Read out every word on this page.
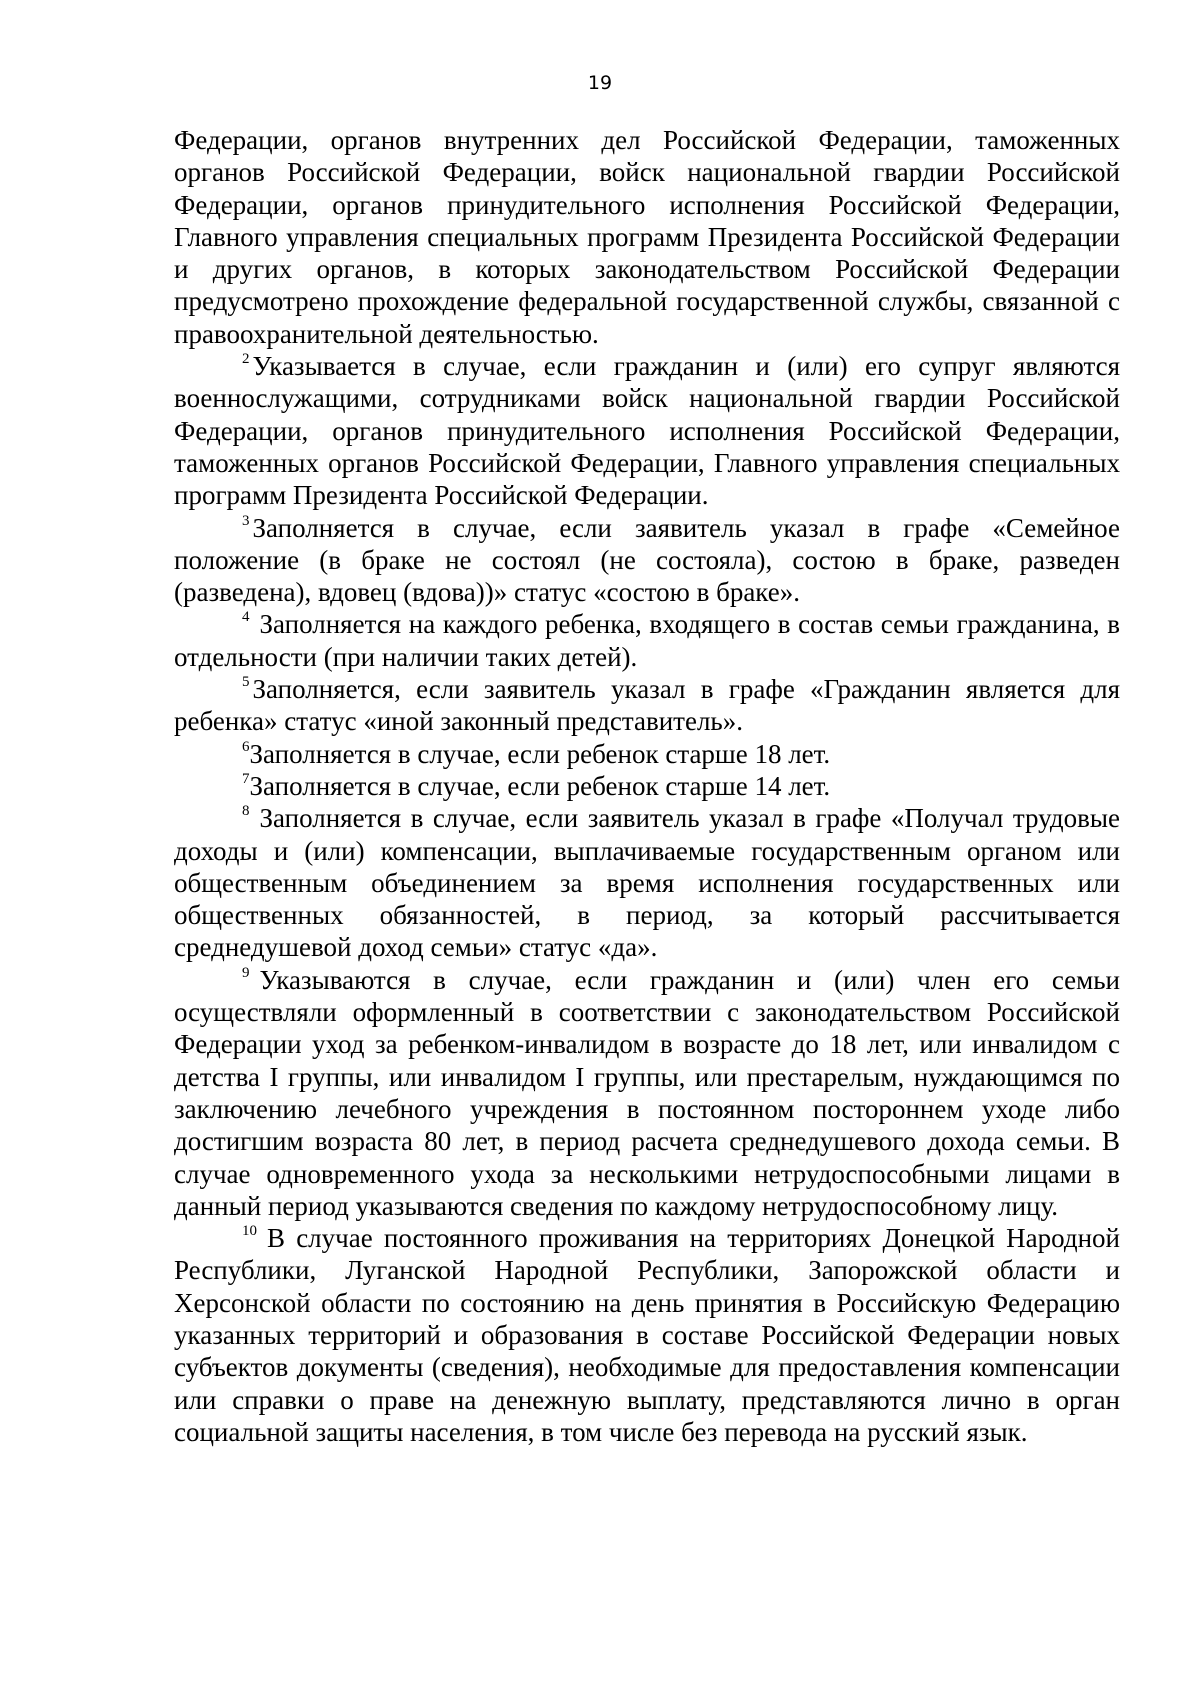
19

Федерации, органов внутренних дел Российской Федерации, таможенных органов Российской Федерации, войск национальной гвардии Российской Федерации, органов принудительного исполнения Российской Федерации, Главного управления специальных программ Президента Российской Федерации и других органов, в которых законодательством Российской Федерации предусмотрено прохождение федеральной государственной службы, связанной с правоохранительной деятельностью.

$^2$ Указывается в случае, если гражданин и (или) его супруг являются военнослужащими, сотрудниками войск национальной гвардии Российской Федерации, органов принудительного исполнения Российской Федерации, таможенных органов Российской Федерации, Главного управления специальных программ Президента Российской Федерации.

$^3$ Заполняется в случае, если заявитель указал в графе «Семейное положение (в браке не состоял (не состояла), состою в браке, разведен (разведена), вдовец (вдова))» статус «состою в браке».

$^4$ Заполняется на каждого ребенка, входящего в состав семьи гражданина, в отдельности (при наличии таких детей).

$^5$ Заполняется, если заявитель указал в графе «Гражданин является для ребенка» статус «иной законный представитель».

$^6$Заполняется в случае, если ребенок старше 18 лет.

$^7$Заполняется в случае, если ребенок старше 14 лет.

$^8$ Заполняется в случае, если заявитель указал в графе «Получал трудовые доходы и (или) компенсации, выплачиваемые государственным органом или общественным объединением за время исполнения государственных или общественных обязанностей, в период, за который рассчитывается среднедушевой доход семьи» статус «да».

$^9$ Указываются в случае, если гражданин и (или) член его семьи осуществляли оформленный в соответствии с законодательством Российской Федерации уход за ребенком-инвалидом в возрасте до 18 лет, или инвалидом с детства I группы, или инвалидом I группы, или престарелым, нуждающимся по заключению лечебного учреждения в постоянном постороннем уходе либо достигшим возраста 80 лет, в период расчета среднедушевого дохода семьи. В случае одновременного ухода за несколькими нетрудоспособными лицами в данный период указываются сведения по каждому нетрудоспособному лицу.

$^{10}$ В случае постоянного проживания на территориях Донецкой Народной Республики, Луганской Народной Республики, Запорожской области и Херсонской области по состоянию на день принятия в Российскую Федерацию указанных территорий и образования в составе Российской Федерации новых субъектов документы (сведения), необходимые для предоставления компенсации или справки о праве на денежную выплату, представляются лично в орган социальной защиты населения, в том числе без перевода на русский язык.
